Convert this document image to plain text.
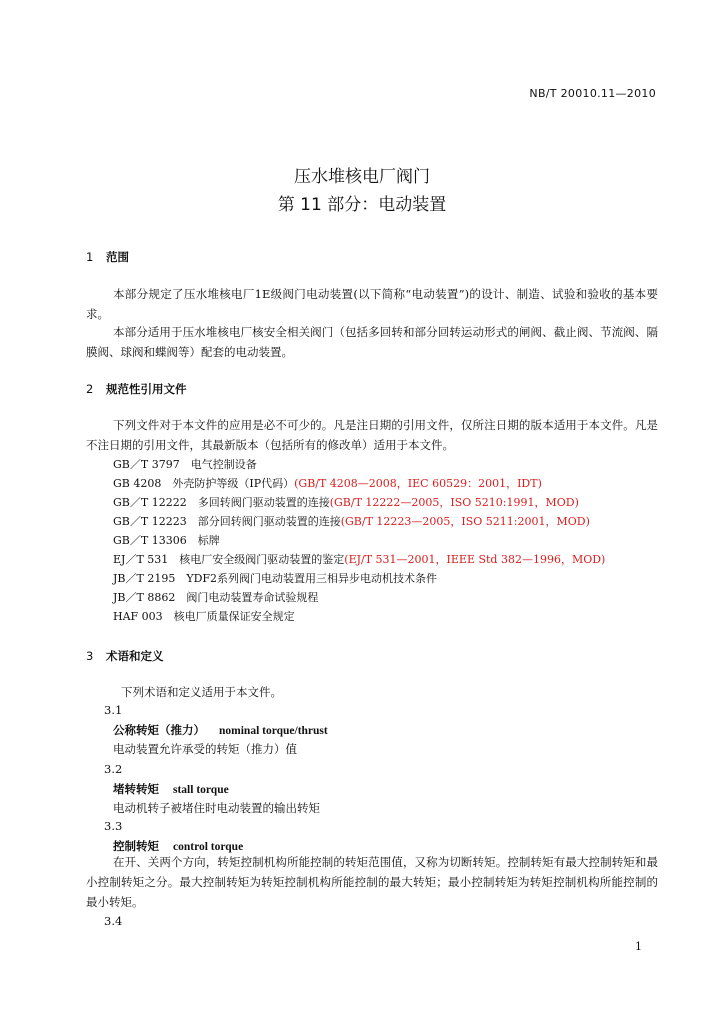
NB/T 20010.11—2010
压水堆核电厂阀门
第 11 部分：电动装置
1 范围
本部分规定了压水堆核电厂1E级阀门电动装置(以下简称“电动装置”)的设计、制造、试验和验收的基本要求。
本部分适用于压水堆核电厂核安全相关阀门（包括多回转和部分回转运动形式的闸阀、截止阀、节流阀、隔膜阀、球阀和蝶阀等）配套的电动装置。
2 规范性引用文件
下列文件对于本文件的应用是必不可少的。凡是注日期的引用文件，仅所注日期的版本适用于本文件。凡是不注日期的引用文件，其最新版本（包括所有的修改单）适用于本文件。
GB／T 3797　电气控制设备
GB 4208　外壳防护等级（IP代码）(GB/T 4208—2008，IEC 60529：2001，IDT)
GB／T 12222　多回转阀门驱动装置的连接(GB/T 12222—2005，ISO 5210:1991，MOD)
GB／T 12223　部分回转阀门驱动装置的连接(GB/T 12223—2005，ISO 5211:2001，MOD)
GB／T 13306　标牌
EJ／T 531　核电厂安全级阀门驱动装置的鉴定(EJ/T 531—2001，IEEE Std 382—1996，MOD)
JB／T 2195　YDF2系列阀门电动装置用三相异步电动机技术条件
JB／T 8862　阀门电动装置寿命试验规程
HAF 003　核电厂质量保证安全规定
3 术语和定义
下列术语和定义适用于本文件。
3.1
公称转矩（推力） nominal torque/thrust
电动装置允许承受的转矩（推力）值
3.2
堵转转矩 stall torque
电动机转子被堵住时电动装置的输出转矩
3.3
控制转矩 control torque
在开、关两个方向，转矩控制机构所能控制的转矩范围值，又称为切断转矩。控制转矩有最大控制转矩和最小控制转矩之分。最大控制转矩为转矩控制机构所能控制的最大转矩；最小控制转矩为转矩控制机构所能控制的最小转矩。
3.4
1
